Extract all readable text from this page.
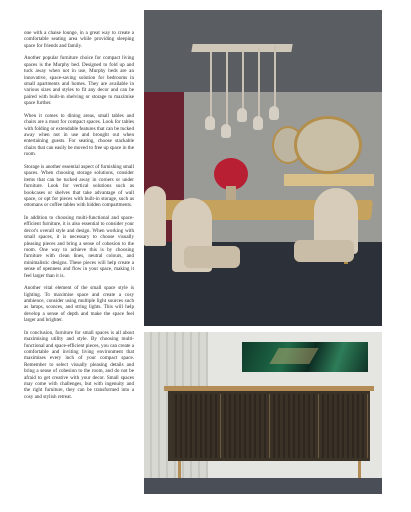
one with a chaise lounge, in a great way to create a comfortable seating area while providing sleeping space for friends and family.

Another popular furniture choice for compact living spaces is the Murphy bed. Designed to fold up and tuck away when not in use, Murphy beds are an innovative, space-saving solution for bedrooms in small apartments and homes. They are available in various sizes and styles to fit any decor and can be paired with built-in shelving or storage to maximise space further.

When it comes to dining areas, small tables and chairs are a must for compact spaces. Look for tables with folding or extendable features that can be tucked away when not in use and brought out when entertaining guests. For seating, choose stackable chairs that can easily be moved to free up space in the room.

Storage is another essential aspect of furnishing small spaces. When choosing storage solutions, consider items that can be tucked away in corners or under furniture. Look for vertical solutions such as bookcases or shelves that take advantage of wall space, or opt for pieces with built-in storage, such as ottomans or coffee tables with hidden compartments.

In addition to choosing multi-functional and space-efficient furniture, it is also essential to consider your decor's overall style and design. When working with small spaces, it is necessary to choose visually pleasing pieces and bring a sense of cohesion to the room. One way to achieve this is by choosing furniture with clean lines, neutral colours, and minimalistic designs. These pieces will help create a sense of openness and flow in your space, making it feel larger than it is.

Another vital element of the small space style is lighting. To maximise space and create a cosy ambience, consider using multiple light sources such as lamps, sconces, and string lights. This will help develop a sense of depth and make the space feel larger and brighter.

In conclusion, furniture for small spaces is all about maximising utility and style. By choosing multi-functional and space-efficient pieces, you can create a comfortable and inviting living environment that maximises every inch of your compact space. Remember to select visually pleasing details and bring a sense of cohesion to the room, and do not be afraid to get creative with your decor. Small spaces may come with challenges, but with ingenuity and the right furniture, they can be transformed into a cosy and stylish retreat.
